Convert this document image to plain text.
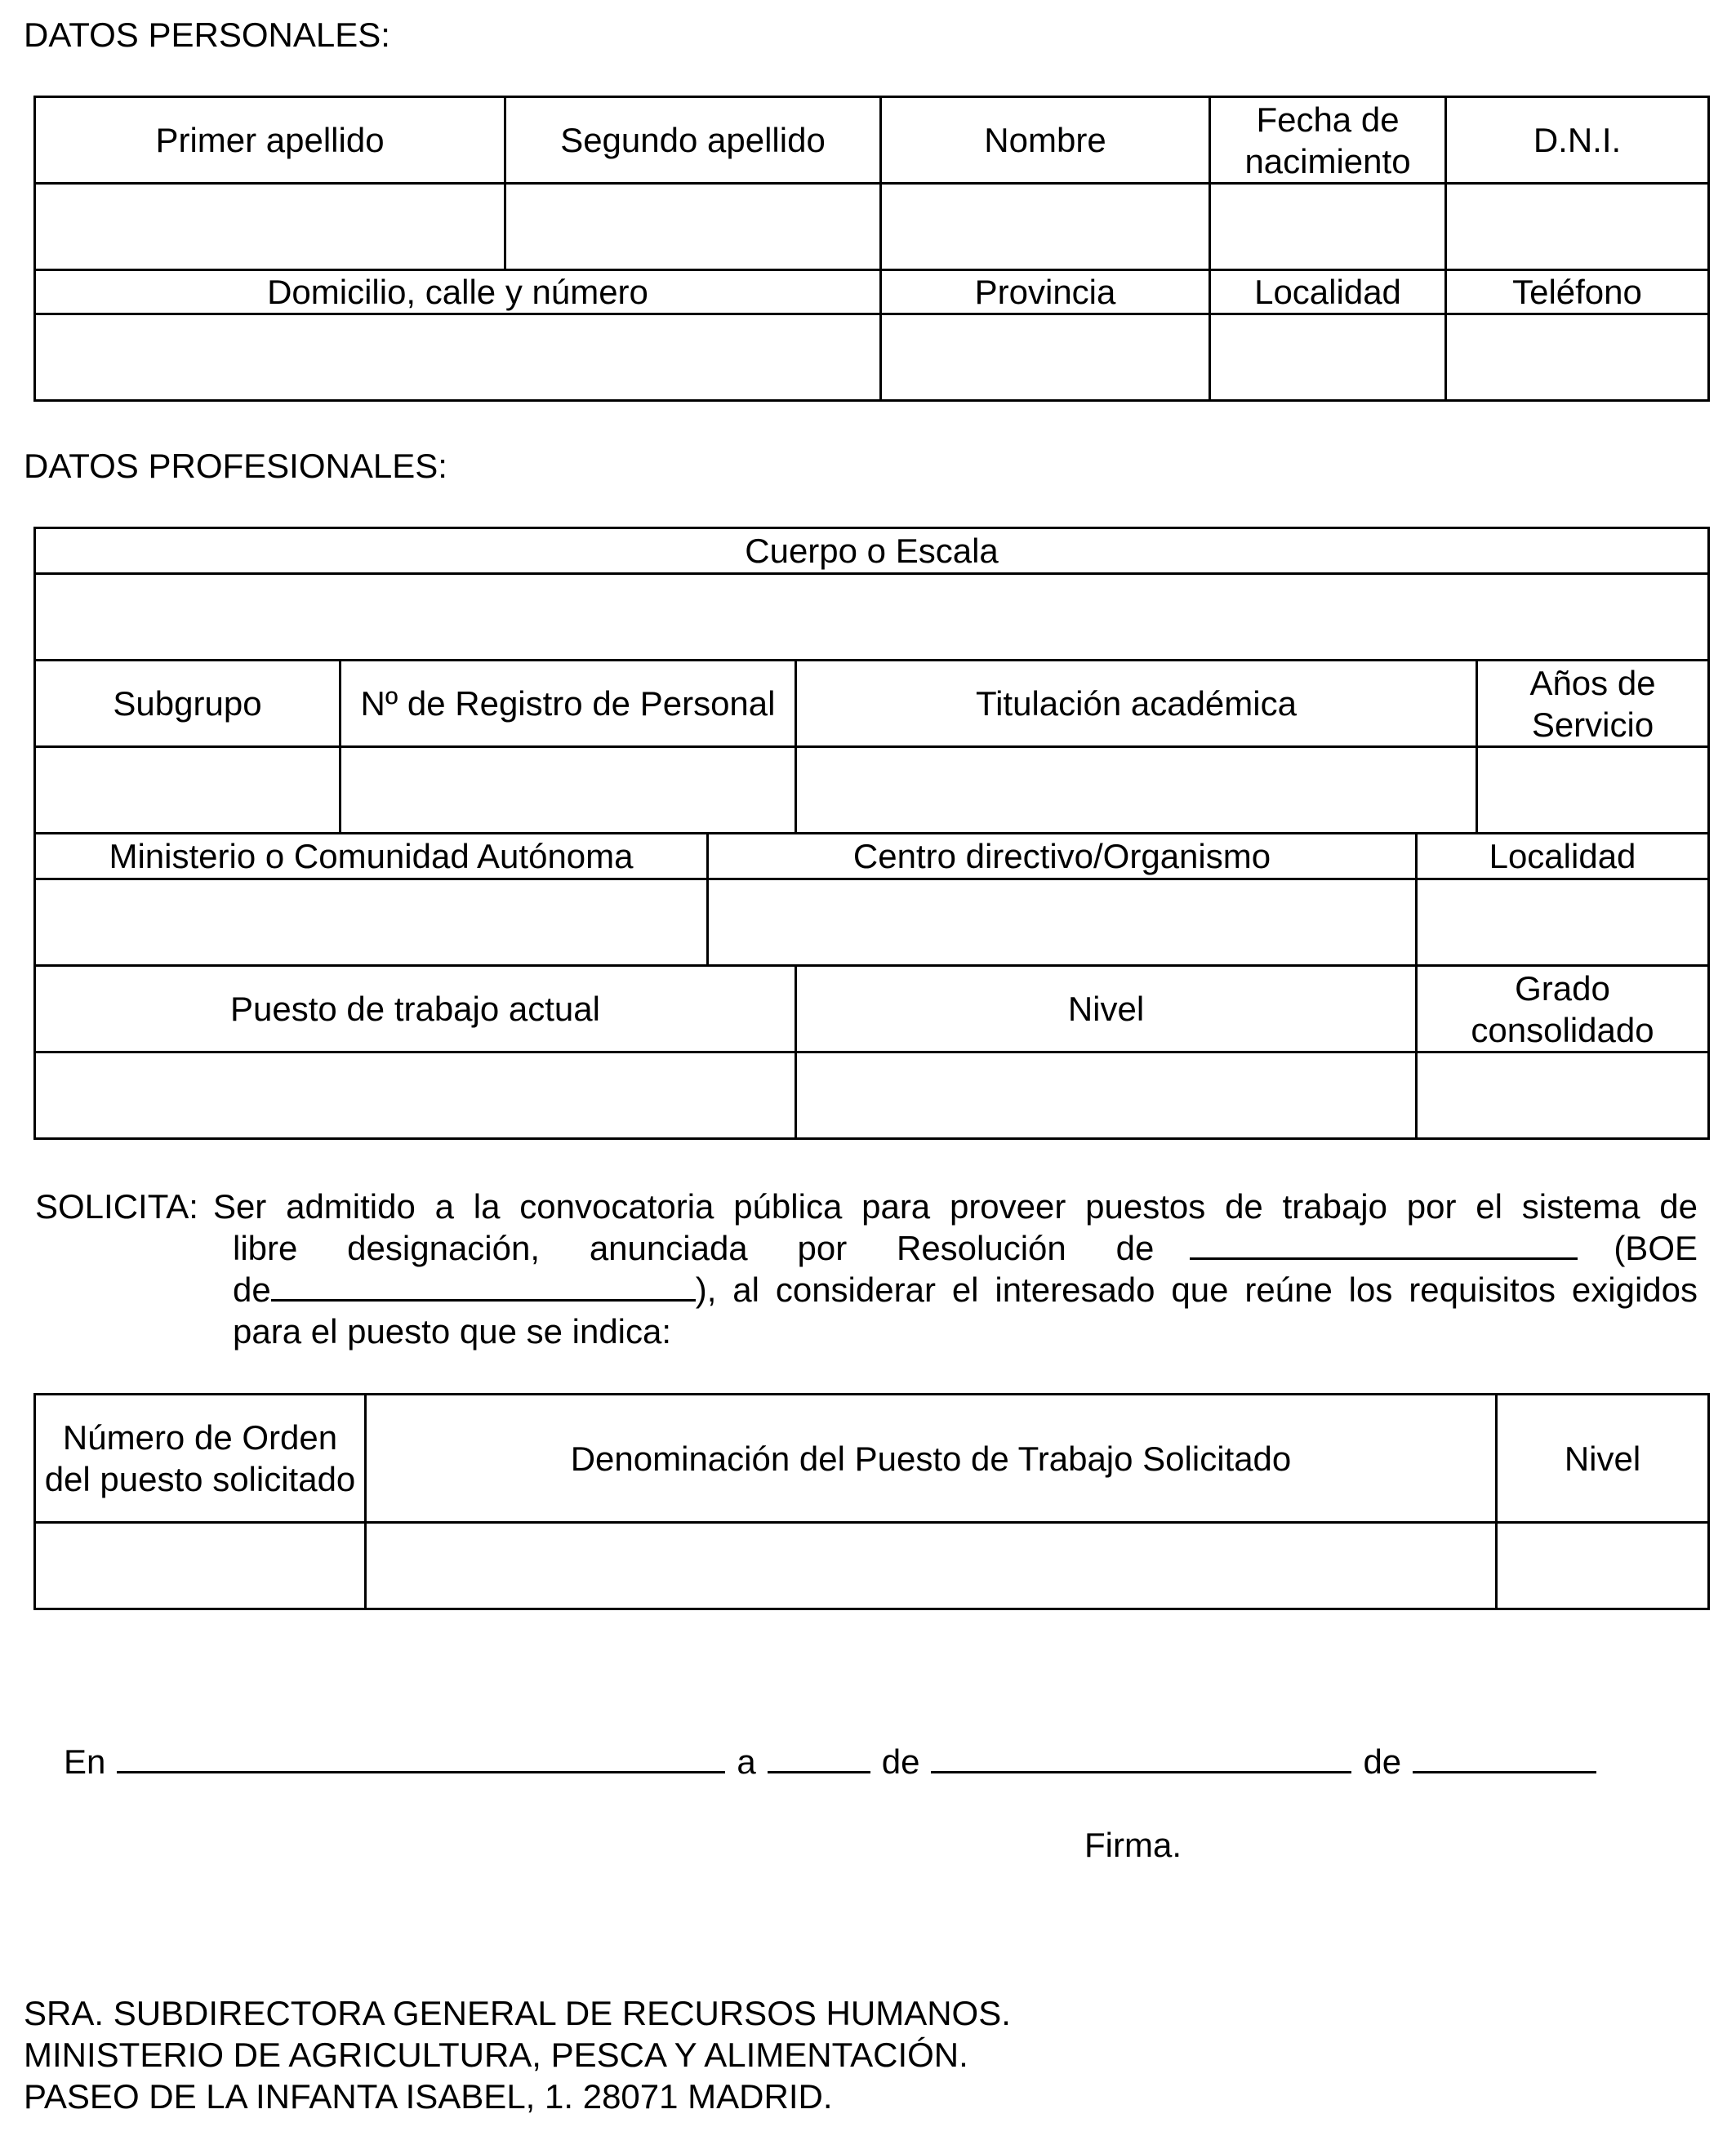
DATOS PERSONALES:
Primer apellido	Segundo apellido	Nombre	Fecha de nacimiento	D.N.I.

Domicilio, calle y número		Provincia	Localidad	Teléfono

DATOS PROFESIONALES:
Cuerpo o Escala					

Subgrupo	Nº de Registro de Personal		Titulación académica		Años de Servicio

Ministerio o Comunidad Autónoma		Centro directivo/Organismo		Localidad	

Puesto de trabajo actual			Nivel	Grado consolidado	

SOLICITA: Ser admitido a la convocatoria pública para proveer puestos de trabajo por el sistema de
libre designación, anunciada por Resolución de	(BOE
de	), al considerar el interesado que reúne los requisitos exigidos
para el puesto que se indica:
Número de Orden del puesto solicitado	Denominación del Puesto de Trabajo Solicitado	Nivel

En	a	de	de
Firma.
SRA. SUBDIRECTORA GENERAL DE RECURSOS HUMANOS.
MINISTERIO DE AGRICULTURA, PESCA Y ALIMENTACIÓN.
PASEO DE LA INFANTA ISABEL, 1. 28071 MADRID.
